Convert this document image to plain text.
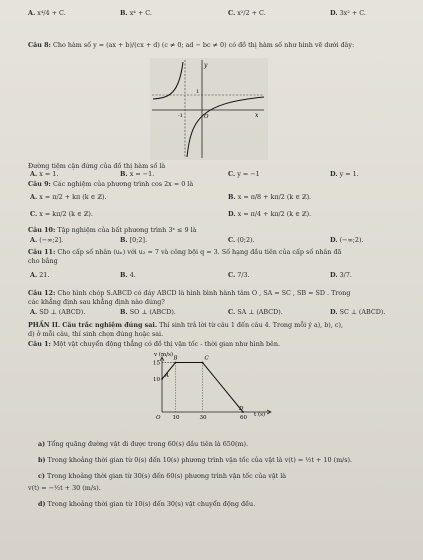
A. x⁴/4 + C.	B. x⁴ + C.	C. x²/2 + C.	D. 3x² + C.
Câu 8: Cho hàm số y = (ax + b)/(cx + d) (c ≠ 0; ad − bc ≠ 0) có đồ thị hàm số như hình vẽ dưới đây:
y
x
O
-1
1
Đường tiệm cận đứng của đồ thị hàm số là
A. x = 1.	B. x = −1.	C. y = −1	D. y = 1.
Câu 9: Các nghiệm của phương trình cos 2x = 0 là
A. x = π/2 + kπ (k ∈ ℤ).	B. x = π/8 + kπ/2 (k ∈ ℤ).
C. x = kπ/2 (k ∈ ℤ).	D. x = π/4 + kπ/2 (k ∈ ℤ).
Câu 10: Tập nghiệm của bất phương trình 3ˣ ≤ 9 là
A. (−∞;2].	B. [0;2].	C. (0;2).	D. (−∞;2).
Câu 11: Cho cấp số nhân (uₙ) với u₂ = 7 và công bội q = 3. Số hạng đầu tiên của cấp số nhân đã
cho bằng
A. 21.	B. 4.	C. 7/3.	D. 3/7.
Câu 12: Cho hình chóp S.ABCD có đáy ABCD là hình bình hành tâm O , SA = SC , SB = SD . Trong
các khẳng định sau khẳng định nào đúng?
A. SD ⊥ (ABCD).	B. SO ⊥ (ABCD).	C. SA ⊥ (ABCD).	D. SC ⊥ (ABCD).
PHẦN II. Câu trắc nghiệm đúng sai. Thí sinh trả lời từ câu 1 đến câu 4. Trong mỗi ý a), b), c),
d) ở mỗi câu, thí sinh chọn đúng hoặc sai.
Câu 1: Một vật chuyển động thẳng có đồ thị vận tốc - thời gian như hình bên.
v (m/s)
t (s)
O 10	30	60
10
15
A
B	C
D
a) Tổng quãng đường vật đi được trong 60(s) đầu tiên là 650(m).
b) Trong khoảng thời gian từ 0(s) đến 10(s) phương trình vận tốc của vật là v(t) = ½t + 10 (m/s).
c) Trong khoảng thời gian từ 30(s) đến 60(s) phương trình vận tốc của vật là
v(t) = −½t + 30 (m/s).
d) Trong khoảng thời gian từ 10(s) đến 30(s) vật chuyển động đều.
